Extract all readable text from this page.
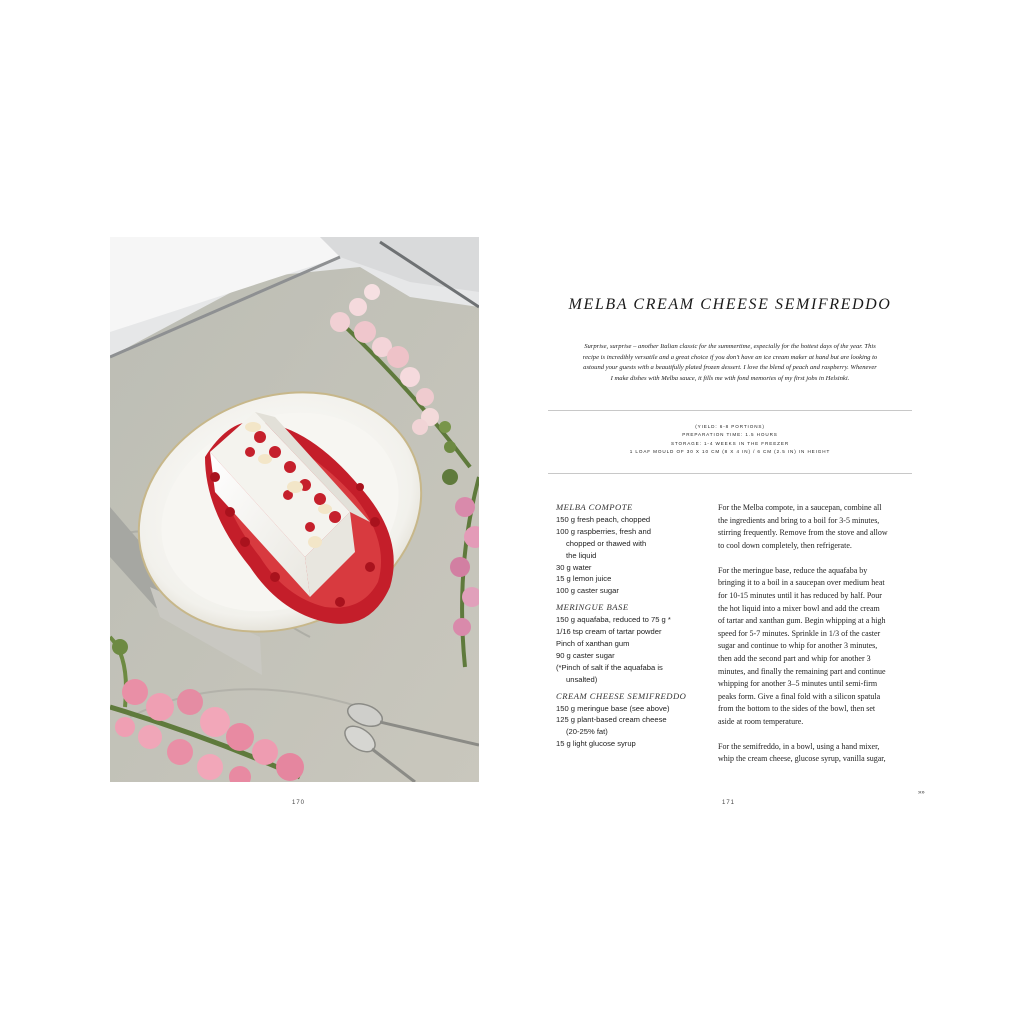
170
MELBA CREAM CHEESE SEMIFREDDO
Surprise, surprise – another Italian classic for the summertime, especially for the hottest days of the year. This
recipe is incredibly versatile and a great choice if you don't have an ice cream maker at hand but are looking to
astound your guests with a beautifully plated frozen dessert. I love the blend of peach and raspberry. Whenever
I make dishes with Melba sauce, it fills me with fond memories of my first jobs in Helsinki.
(YIELD: 6-8 PORTIONS)
PREPARATION TIME: 1.5 HOURS
STORAGE: 1-4 WEEKS IN THE FREEZER
1 LOAF MOULD OF 30 X 10 CM (8 X 4 IN) / 6 CM (2.5 IN) IN HEIGHT
MELBA COMPOTE
150 g fresh peach, chopped
100 g raspberries, fresh and
chopped or thawed with
the liquid
30 g water
15 g lemon juice
100 g caster sugar
MERINGUE BASE
150 g aquafaba, reduced to 75 g *
1/16 tsp cream of tartar powder
Pinch of xanthan gum
90 g caster sugar
(*Pinch of salt if the aquafaba is
unsalted)
CREAM CHEESE SEMIFREDDO
150 g meringue base (see above)
125 g plant-based cream cheese
(20-25% fat)
15 g light glucose syrup

For the Melba compote, in a saucepan, combine all
the ingredients and bring to a boil for 3-5 minutes,
stirring frequently. Remove from the stove and allow
to cool down completely, then refrigerate.

For the meringue base, reduce the aquafaba by
bringing it to a boil in a saucepan over medium heat
for 10-15 minutes until it has reduced by half. Pour
the hot liquid into a mixer bowl and add the cream
of tartar and xanthan gum. Begin whipping at a high
speed for 5-7 minutes. Sprinkle in 1/3 of the caster
sugar and continue to whip for another 3 minutes,
then add the second part and whip for another 3
minutes, and finally the remaining part and continue
whipping for another 3–5 minutes until semi-firm
peaks form. Give a final fold with a silicon spatula
from the bottom to the sides of the bowl, then set
aside at room temperature.

For the semifreddo, in a bowl, using a hand mixer,
whip the cream cheese, glucose syrup, vanilla sugar,

171
»»
